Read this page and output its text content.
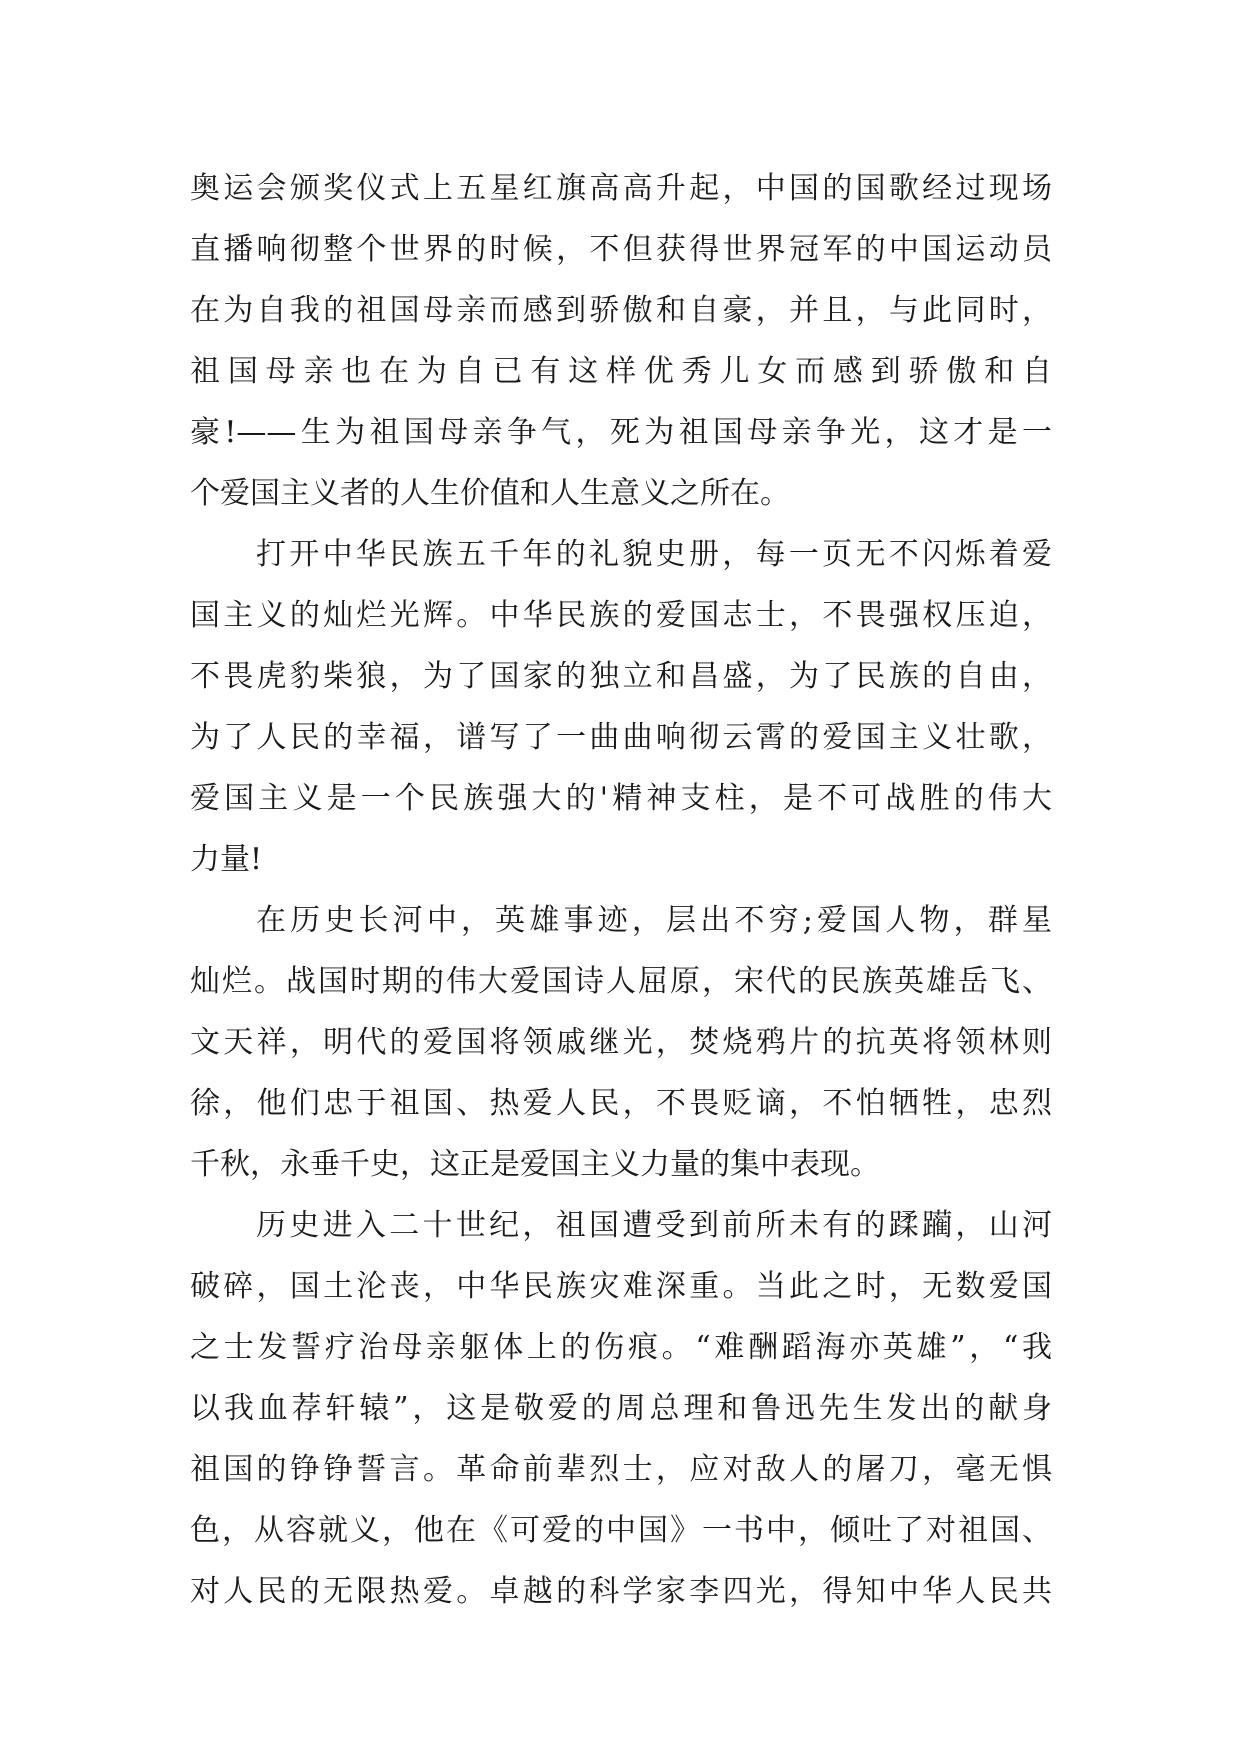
奥运会颁奖仪式上五星红旗高高升起，中国的国歌经过现场
直播响彻整个世界的时候，不但获得世界冠军的中国运动员
在为自我的祖国母亲而感到骄傲和自豪，并且，与此同时，
祖国母亲也在为自已有这样优秀儿女而感到骄傲和自
豪!——生为祖国母亲争气，死为祖国母亲争光，这才是一
个爱国主义者的人生价值和人生意义之所在。
打开中华民族五千年的礼貌史册，每一页无不闪烁着爱
国主义的灿烂光辉。中华民族的爱国志士，不畏强权压迫，
不畏虎豹柴狼，为了国家的独立和昌盛，为了民族的自由，
为了人民的幸福，谱写了一曲曲响彻云霄的爱国主义壮歌，
爱国主义是一个民族强大的'精神支柱，是不可战胜的伟大
力量!
在历史长河中，英雄事迹，层出不穷;爱国人物，群星
灿烂。战国时期的伟大爱国诗人屈原，宋代的民族英雄岳飞、
文天祥，明代的爱国将领戚继光，焚烧鸦片的抗英将领林则
徐，他们忠于祖国、热爱人民，不畏贬谪，不怕牺牲，忠烈
千秋，永垂千史，这正是爱国主义力量的集中表现。
历史进入二十世纪，祖国遭受到前所未有的蹂躏，山河
破碎，国土沦丧，中华民族灾难深重。当此之时，无数爱国
之士发誓疗治母亲躯体上的伤痕。“难酬蹈海亦英雄”，“我
以我血荐轩辕”，这是敬爱的周总理和鲁迅先生发出的献身
祖国的铮铮誓言。革命前辈烈士，应对敌人的屠刀，毫无惧
色，从容就义，他在《可爱的中国》一书中，倾吐了对祖国、
对人民的无限热爱。卓越的科学家李四光，得知中华人民共
